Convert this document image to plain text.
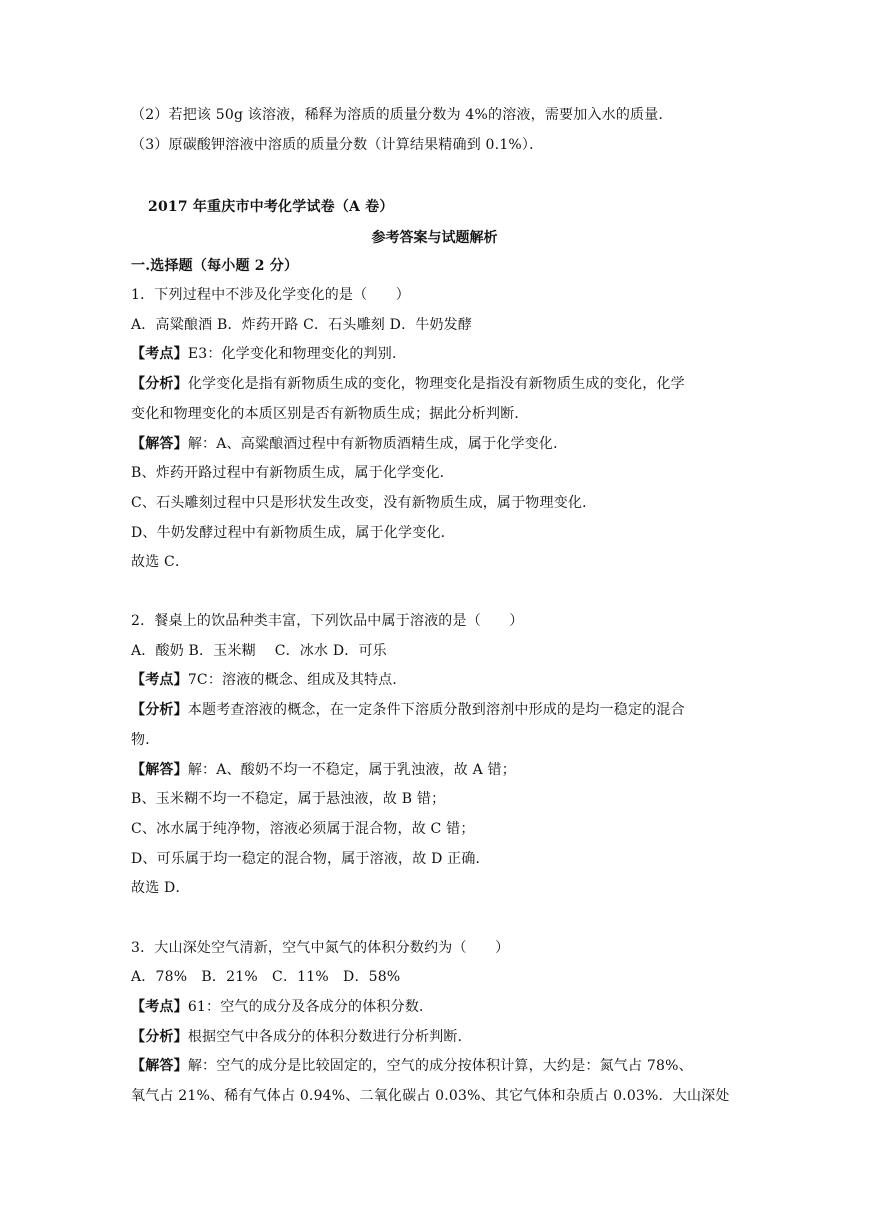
（2）若把该 50g 该溶液，稀释为溶质的质量分数为 4%的溶液，需要加入水的质量．
（3）原碳酸钾溶液中溶质的质量分数（计算结果精确到 0.1%）．
2017 年重庆市中考化学试卷（A 卷）
参考答案与试题解析
一.选择题（每小题 2 分）
1．下列过程中不涉及化学变化的是（　　）
A．高粱酿酒 B．炸药开路 C．石头雕刻 D．牛奶发酵
【考点】E3：化学变化和物理变化的判别．
【分析】化学变化是指有新物质生成的变化，物理变化是指没有新物质生成的变化，化学
变化和物理变化的本质区别是否有新物质生成；据此分析判断．
【解答】解：A、高粱酿酒过程中有新物质酒精生成，属于化学变化．
B、炸药开路过程中有新物质生成，属于化学变化．
C、石头雕刻过程中只是形状发生改变，没有新物质生成，属于物理变化．
D、牛奶发酵过程中有新物质生成，属于化学变化．
故选 C．
2．餐桌上的饮品种类丰富，下列饮品中属于溶液的是（　　）
A．酸奶 B．玉米糊　 C．冰水 D．可乐
【考点】7C：溶液的概念、组成及其特点．
【分析】本题考查溶液的概念，在一定条件下溶质分散到溶剂中形成的是均一稳定的混合
物．
【解答】解：A、酸奶不均一不稳定，属于乳浊液，故 A 错；
B、玉米糊不均一不稳定，属于悬浊液，故 B 错；
C、冰水属于纯净物，溶液必须属于混合物，故 C 错；
D、可乐属于均一稳定的混合物，属于溶液，故 D 正确．
故选 D．
3．大山深处空气清新，空气中氮气的体积分数约为（　　）
A．78%　B．21%　C．11%　D．58%
【考点】61：空气的成分及各成分的体积分数．
【分析】根据空气中各成分的体积分数进行分析判断．
【解答】解：空气的成分是比较固定的，空气的成分按体积计算，大约是：氮气占 78%、
氧气占 21%、稀有气体占 0.94%、二氧化碳占 0.03%、其它气体和杂质占 0.03%．大山深处
